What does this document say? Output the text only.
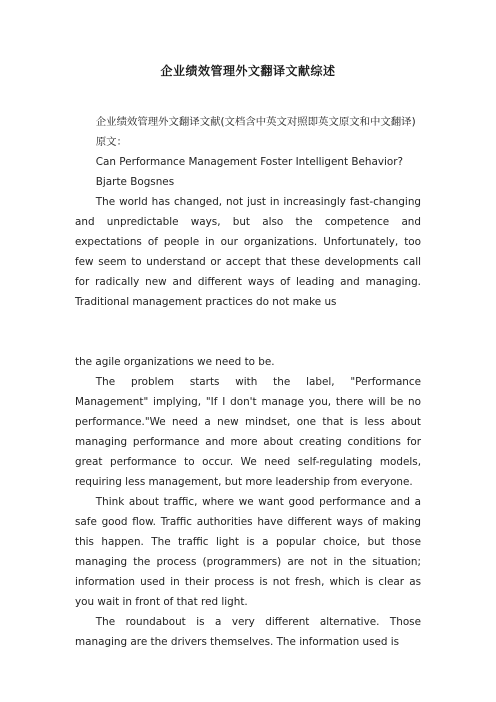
企业绩效管理外文翻译文献综述

企业绩效管理外文翻译文献(文档含中英文对照即英文原文和中文翻译)

原文：

Can Performance Management Foster Intelligent Behavior?

Bjarte Bogsnes

The world has changed, not just in increasingly fast-changing and unpredictable ways, but also the competence and expectations of people in our organizations. Unfortunately, too few seem to understand or accept that these developments call for radically new and different ways of leading and managing. Traditional management practices do not make us

the agile organizations we need to be.

The problem starts with the label, "Performance Management" implying, "If I don't manage you, there will be no performance."We need a new mindset, one that is less about managing performance and more about creating conditions for great performance to occur. We need self-regulating models, requiring less management, but more leadership from everyone.

Think about traffic, where we want good performance and a safe good flow. Traffic authorities have different ways of making this happen. The traffic light is a popular choice, but those managing the process (programmers) are not in the situation; information used in their process is not fresh, which is clear as you wait in front of that red light.

The roundabout is a very different alternative. Those managing are the drivers themselves. The information used is
